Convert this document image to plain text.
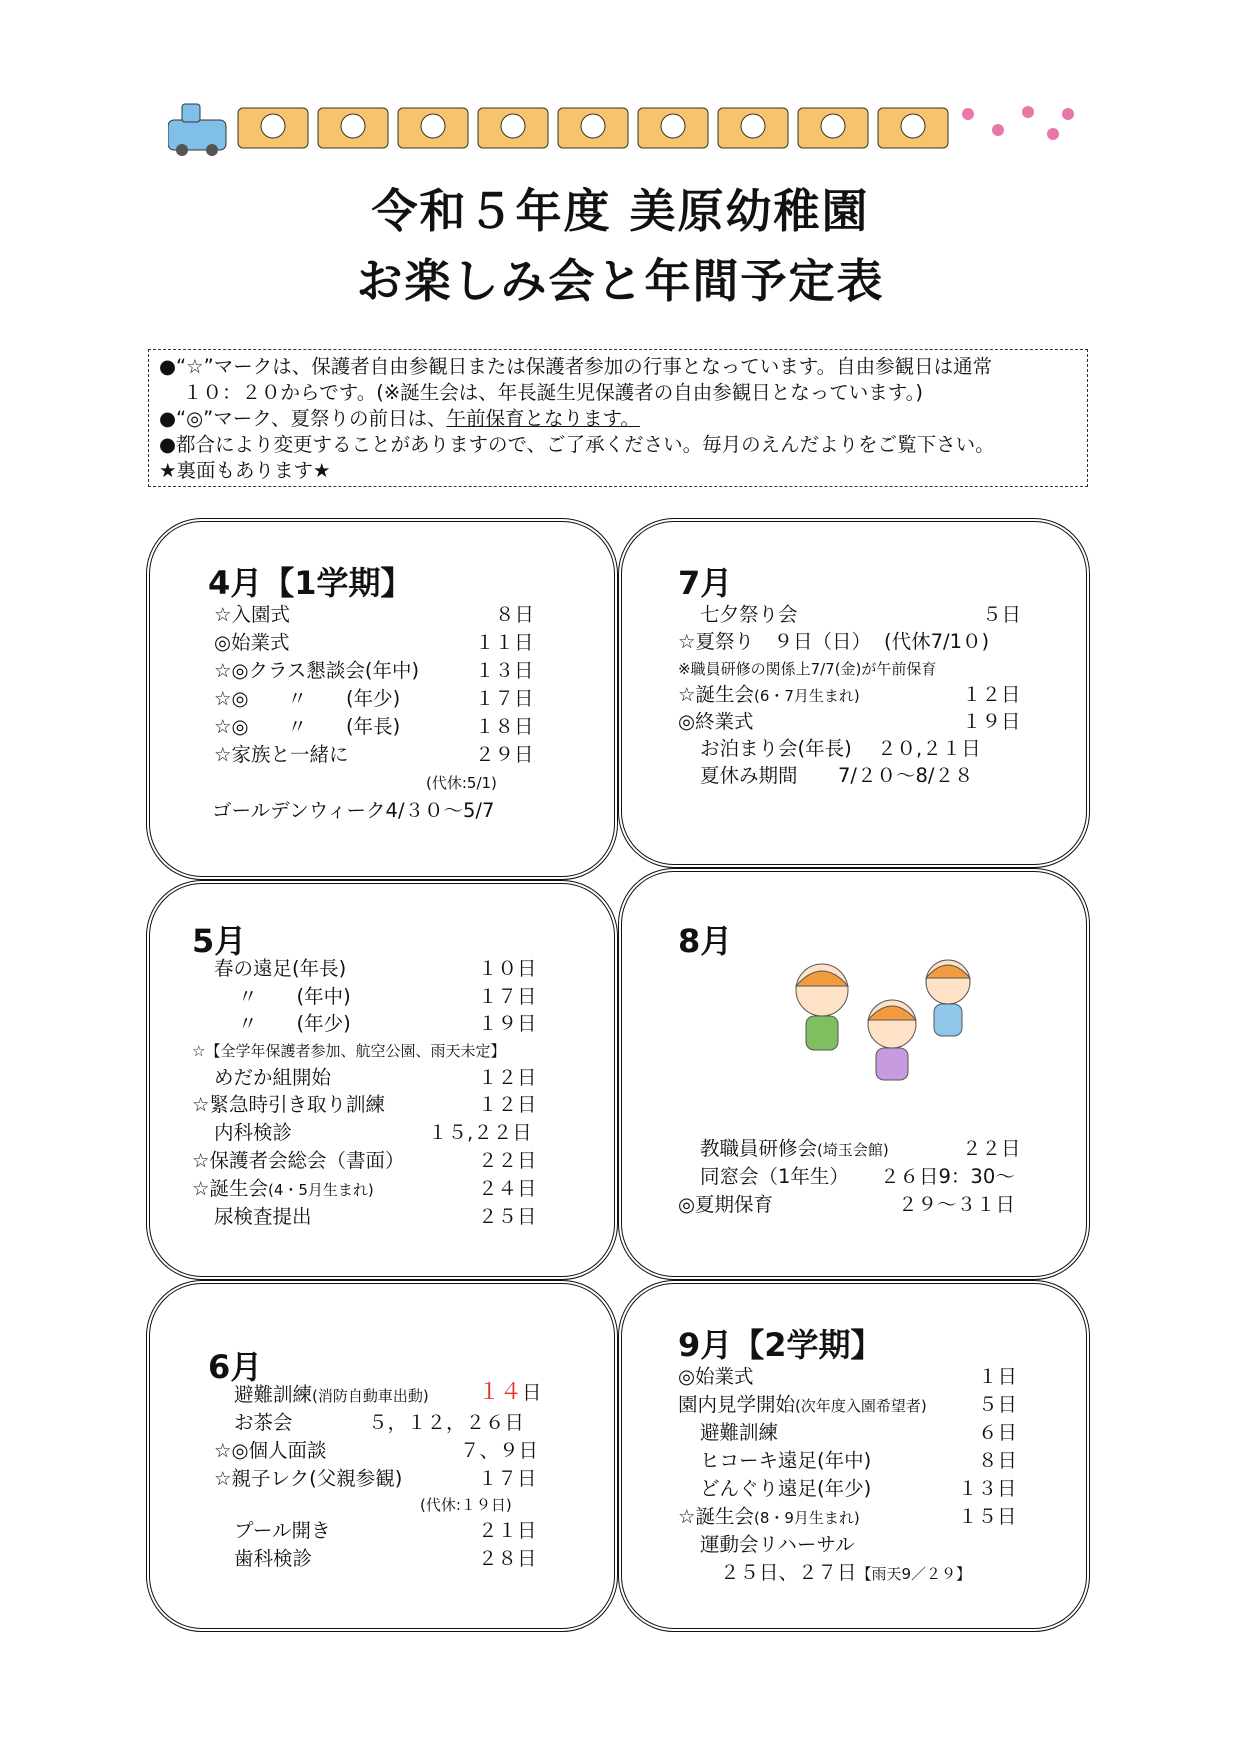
令和５年度 美原幼稚園
お楽しみ会と年間予定表

●“☆”マークは、保護者自由参観日または保護者参加の行事となっています。自由参観日は通常

１０：２０からです。(※誕生会は、年長誕生児保護者の自由参観日となっています。)

●“◎”マーク、夏祭りの前日は、午前保育となります。

●都合により変更することがありますので、ご了承ください。毎月のえんだよりをご覧下さい。

★裏面もあります★

4月【1学期】
☆入園式	８日
◎始業式	１１日
☆◎クラス懇談会(年中)	１３日
☆◎　　〃　　(年少)	１７日
☆◎　　〃　　(年長)	１８日
☆家族と一緒に	２９日
(代休:5/1)
ゴールデンウィーク4/３０～5/7
7月
七夕祭り会	５日
☆夏祭り　９日（日） (代休7/1０)
※職員研修の関係上7/7(金)が午前保育
☆誕生会(6・7月生まれ)	１２日
◎終業式	１９日
お泊まり会(年長) ２０,２１日
夏休み期間 7/２０～8/２８
5月
春の遠足(年長)	１０日
〃　　(年中)	１７日
〃　　(年少)	１９日
☆【全学年保護者参加、航空公園、雨天未定】
めだか組開始	１２日
☆緊急時引き取り訓練	１２日
内科検診	１５,２２日
☆保護者会総会（書面）	２２日
☆誕生会(4・5月生まれ)	２４日
尿検査提出	２５日
8月
教職員研修会(埼玉会館)	２２日
同窓会（1年生） ２６日9：30～
◎夏期保育	２９～３１日
6月
避難訓練(消防自動車出動) １４日
お茶会	５，１２，２６日
☆◎個人面談	７、９日
☆親子レク(父親参観)	１７日
(代休:１９日)
プール開き	２１日
歯科検診	２８日
9月【2学期】
◎始業式	１日
園内見学開始(次年度入園希望者)	５日
避難訓練	６日
ヒコーキ遠足(年中)	８日
どんぐり遠足(年少)	１３日
☆誕生会(8・9月生まれ)	１５日
運動会リハーサル
２５日、２７日【雨天9／２９】
